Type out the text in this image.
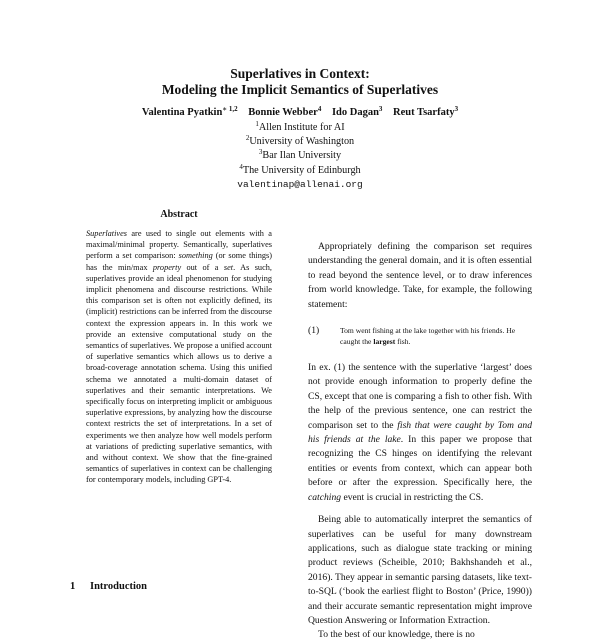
Superlatives in Context:
Modeling the Implicit Semantics of Superlatives
Valentina Pyatkin$^{∗ 1,2}$ Bonnie Webber$^4$ Ido Dagan$^3$ Reut Tsarfaty$^3$
$^1$Allen Institute for AI
$^2$University of Washington
$^3$Bar Ilan University
$^4$The University of Edinburgh
valentinap@allenai.org
Abstract

Superlatives are used to single out elements with a maximal/minimal property. Semantically, superlatives perform a set comparison: something (or some things) has the min/max property out of a set. As such, superlatives provide an ideal phenomenon for studying implicit phenomena and discourse restrictions. While this comparison set is often not explicitly defined, its (implicit) restrictions can be inferred from the discourse context the expression appears in. In this work we provide an extensive computational study on the semantics of superlatives. We propose a unified account of superlative semantics which allows us to derive a broad-coverage annotation schema. Using this unified schema we annotated a multi-domain dataset of superlatives and their semantic interpretations. We specifically focus on interpreting implicit or ambiguous superlative expressions, by analyzing how the discourse context restricts the set of interpretations. In a set of experiments we then analyze how well models perform at variations of predicting superlative semantics, with and without context. We show that the fine-grained semantics of superlatives in context can be challenging for contemporary models, including GPT-4.

1 Introduction

Appropriately defining the comparison set requires understanding the general domain, and it is often essential to read beyond the sentence level, or to draw inferences from world knowledge. Take, for example, the following statement:

(1)	Tom went fishing at the lake together with his friends. He caught the largest fish.

In ex. (1) the sentence with the superlative ‘largest’ does not provide enough information to properly define the CS, except that one is comparing a fish to other fish. With the help of the previous sentence, one can restrict the comparison set to the fish that were caught by Tom and his friends at the lake. In this paper we propose that recognizing the CS hinges on identifying the relevant entities or events from context, which can appear both before or after the expression. Specifically here, the catching event is crucial in restricting the CS.

Being able to automatically interpret the semantics of superlatives can be useful for many downstream applications, such as dialogue state tracking or mining product reviews (Scheible, 2010; Bakhshandeh et al., 2016). They appear in semantic parsing datasets, like text-to-SQL (‘book the earliest flight to Boston’ (Price, 1990)) and their accurate semantic representation might improve Question Answering or Information Extraction.

To the best of our knowledge, there is no
